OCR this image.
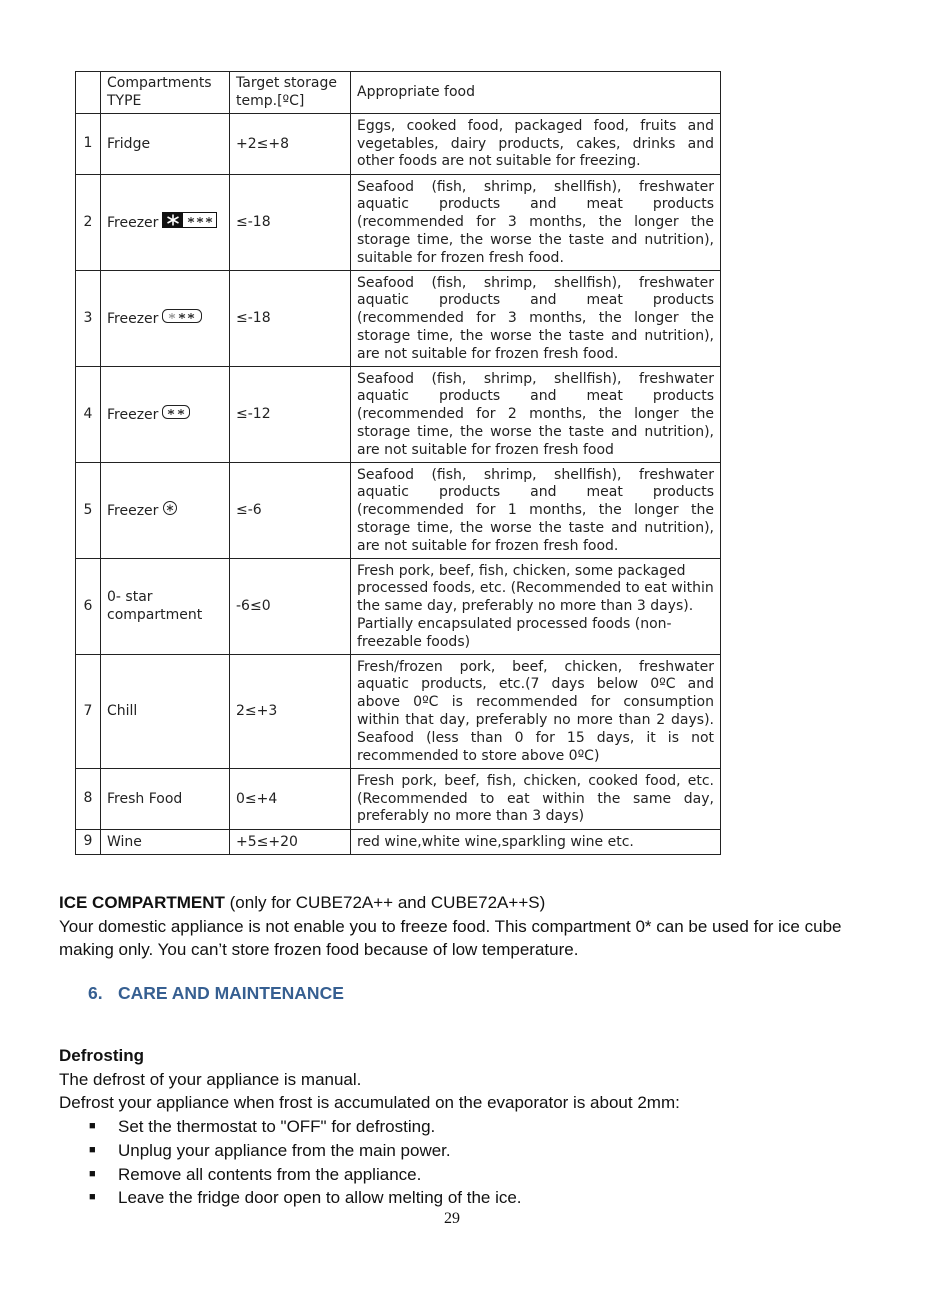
	Compartments TYPE	Target storage temp.[ºC]	Appropriate food
1	Fridge	+2≤+8	Eggs, cooked food, packaged food, fruits and vegetables, dairy products, cakes, drinks and other foods are not suitable for freezing.
2	Freezer	≤-18	Seafood (fish, shrimp, shellfish), freshwater aquatic products and meat products (recommended for 3 months, the longer the storage time, the worse the taste and nutrition), suitable for frozen fresh food.
3	Freezer	≤-18	Seafood (fish, shrimp, shellfish), freshwater aquatic products and meat products (recommended for 3 months, the longer the storage time, the worse the taste and nutrition), are not suitable for frozen fresh food.
4	Freezer	≤-12	Seafood (fish, shrimp, shellfish), freshwater aquatic products and meat products (recommended for 2 months, the longer the storage time, the worse the taste and nutrition), are not suitable for frozen fresh food
5	Freezer	≤-6	Seafood (fish, shrimp, shellfish), freshwater aquatic products and meat products (recommended for 1 months, the longer the storage time, the worse the taste and nutrition), are not suitable for frozen fresh food.
6	0- star compartment	-6≤0	Fresh pork, beef, fish, chicken, some packaged processed foods, etc. (Recommended to eat within the same day, preferably no more than 3 days). Partially encapsulated processed foods (non-freezable foods)
7	Chill	2≤+3	Fresh/frozen pork, beef, chicken, freshwater aquatic products, etc.(7 days below 0ºC and above 0ºC is recommended for consumption within that day, preferably no more than 2 days). Seafood (less than 0 for 15 days, it is not recommended to store above 0ºC)
8	Fresh Food	0≤+4	Fresh pork, beef, fish, chicken, cooked food, etc. (Recommended to eat within the same day, preferably no more than 3 days)
9	Wine	+5≤+20	red wine,white wine,sparkling wine etc.
ICE COMPARTMENT (only for CUBE72A++ and CUBE72A++S)
Your domestic appliance is not enable you to freeze food. This compartment 0* can be used for ice cube making only. You can’t store frozen food because of low temperature.
6. CARE AND MAINTENANCE
Defrosting
The defrost of your appliance is manual.
Defrost your appliance when frost is accumulated on the evaporator is about 2mm:
■ Set the thermostat to "OFF" for defrosting.
■ Unplug your appliance from the main power.
■ Remove all contents from the appliance.
■ Leave the fridge door open to allow melting of the ice.
29
